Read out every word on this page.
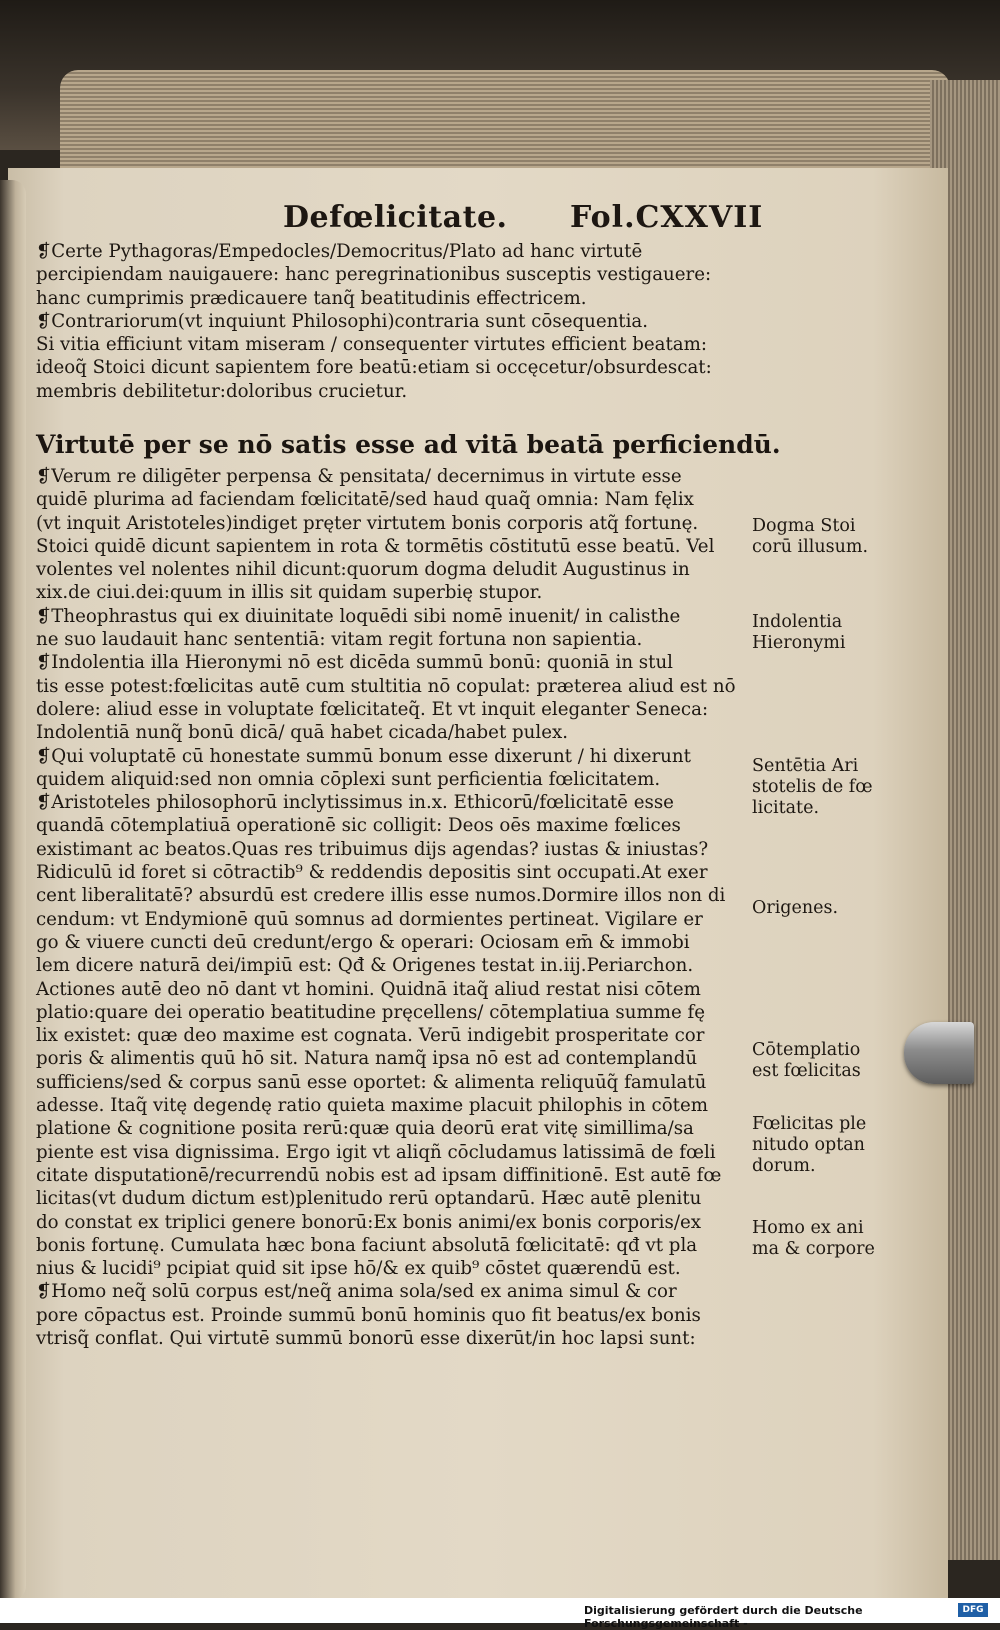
Defœlicitate. Fol.CXXVII
❡Certe Pythagoras/Empedocles/Democritus/Plato ad hanc virtutē
percipiendam nauigauere: hanc peregrinationibus susceptis vestigauere:
hanc cumprimis prædicauere tanq̃ beatitudinis effectricem.
❡Contrariorum(vt inquiunt Philosophi)contraria sunt cōsequentia.
Si vitia efficiunt vitam miseram / consequenter virtutes efficient beatam:
ideoq̃ Stoici dicunt sapientem fore beatū:etiam si occęcetur/obsurdescat:
membris debilitetur:doloribus crucietur.
Virtutē per se nō satis esse ad vitā beatā perficiendū.
❡Verum re diligēter perpensa & pensitata/ decernimus in virtute esse
quidē plurima ad faciendam fœlicitatē/sed haud quaq̃ omnia: Nam fęlix
(vt inquit Aristoteles)indiget pręter virtutem bonis corporis atq̃ fortunę.
Stoici quidē dicunt sapientem in rota & tormētis cōstitutū esse beatū. Vel
volentes vel nolentes nihil dicunt:quorum dogma deludit Augustinus in
xix.de ciui.dei:quum in illis sit quidam superbię stupor.
❡Theophrastus qui ex diuinitate loquēdi sibi nomē inuenit/ in calisthe
ne suo laudauit hanc sententiā: vitam regit fortuna non sapientia.
❡Indolentia illa Hieronymi nō est dicēda summū bonū: quoniā in stul
tis esse potest:fœlicitas autē cum stultitia nō copulat: præterea aliud est nō
dolere: aliud esse in voluptate fœlicitateq̃. Et vt inquit eleganter Seneca:
Indolentiā nunq̃ bonū dicā/ quā habet cicada/habet pulex.
❡Qui voluptatē cū honestate summū bonum esse dixerunt / hi dixerunt
quidem aliquid:sed non omnia cōplexi sunt perficientia fœlicitatem.
❡Aristoteles philosophorū inclytissimus in.x. Ethicorū/fœlicitatē esse
quandā cōtemplatiuā operationē sic colligit: Deos oēs maxime fœlices
existimant ac beatos.Quas res tribuimus dijs agendas? iustas & iniustas?
Ridiculū id foret si cōtractib⁹ & reddendis depositis sint occupati.At exer
cent liberalitatē? absurdū est credere illis esse numos.Dormire illos non di
cendum: vt Endymionē quū somnus ad dormientes pertineat. Vigilare er
go & viuere cuncti deū credunt/ergo & operari: Ociosam em̄ & immobi
lem dicere naturā dei/impiū est: Qđ & Origenes testat in.iij.Periarchon.
Actiones autē deo nō dant vt homini. Quidnā itaq̃ aliud restat nisi cōtem
platio:quare dei operatio beatitudine pręcellens/ cōtemplatiua summe fę
lix existet: quæ deo maxime est cognata. Verū indigebit prosperitate cor
poris & alimentis quū hō sit. Natura namq̃ ipsa nō est ad contemplandū
sufficiens/sed & corpus sanū esse oportet: & alimenta reliquūq̃ famulatū
adesse. Itaq̃ vitę degendę ratio quieta maxime placuit philophis in cōtem
platione & cognitione posita rerū:quæ quia deorū erat vitę simillima/sa
piente est visa dignissima. Ergo igit vt aliqñ cōcludamus latissimā de fœli
citate disputationē/recurrendū nobis est ad ipsam diffinitionē. Est autē fœ
licitas(vt dudum dictum est)plenitudo rerū optandarū. Hæc autē plenitu
do constat ex triplici genere bonorū:Ex bonis animi/ex bonis corporis/ex
bonis fortunę. Cumulata hæc bona faciunt absolutā fœlicitatē: qđ vt pla
nius & lucidi⁹ pcipiat quid sit ipse hō/& ex quib⁹ cōstet quærendū est.
❡Homo neq̃ solū corpus est/neq̃ anima sola/sed ex anima simul & cor
pore cōpactus est. Proinde summū bonū hominis quo fit beatus/ex bonis
vtrisq̃ conflat. Qui virtutē summū bonorū esse dixerūt/in hoc lapsi sunt:
Dogma Stoi
corū illusum.
Indolentia
Hieronymi
Sentētia Ari
stotelis de fœ
licitate.
Origenes.
Cōtemplatio
est fœlicitas
Fœlicitas ple
nitudo optan
dorum.
Homo ex ani
ma & corpore
Digitalisierung gefördert durch die Deutsche Forschungsgemeinschaft -
DFG
